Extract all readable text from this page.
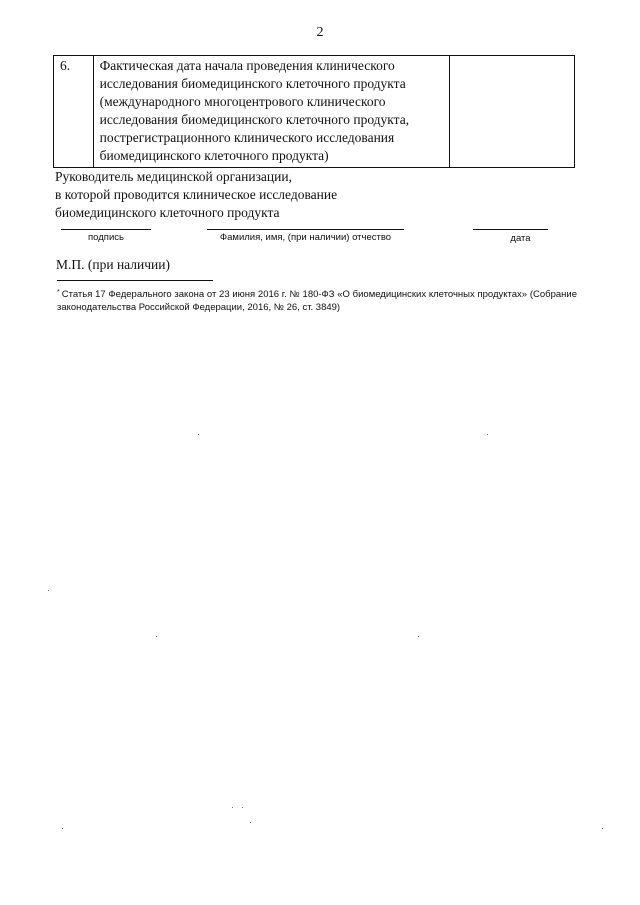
2
6.	Фактическая дата начала проведения клинического
исследования биомедицинского клеточного продукта
(международного многоцентрового клинического
исследования биомедицинского клеточного продукта,
пострегистрационного клинического исследования
биомедицинского клеточного продукта)

Руководитель медицинской организации,
в которой проводится клиническое исследование
биомедицинского клеточного продукта
подпись	Фамилия, имя, (при наличии) отчество	дата
М.П. (при наличии)
* Статья 17 Федерального закона от 23 июня 2016 г. № 180-ФЗ «О биомедицинских клеточных продуктах» (Собрание законодательства Российской Федерации, 2016, № 26, ст. 3849)
